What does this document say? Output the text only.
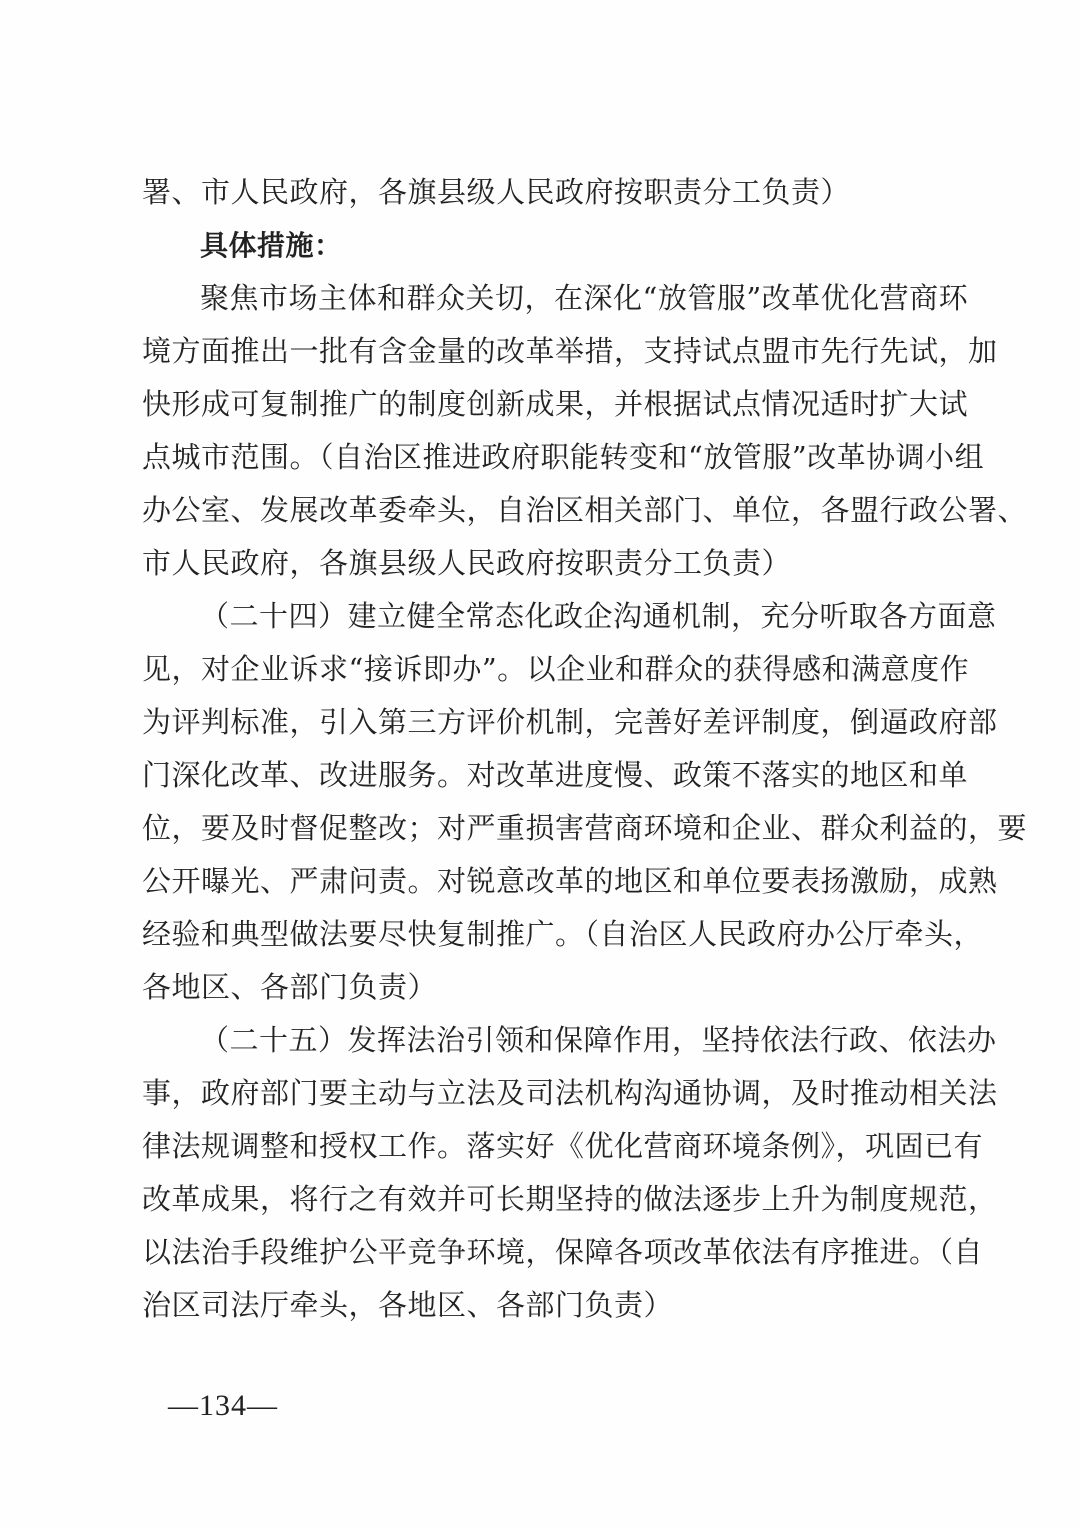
署、市人民政府，各旗县级人民政府按职责分工负责）
具体措施：
聚焦市场主体和群众关切，在深化“放管服”改革优化营商环
境方面推出一批有含金量的改革举措，支持试点盟市先行先试，加
快形成可复制推广的制度创新成果，并根据试点情况适时扩大试
点城市范围。（自治区推进政府职能转变和“放管服”改革协调小组
办公室、发展改革委牵头，自治区相关部门、单位，各盟行政公署、
市人民政府，各旗县级人民政府按职责分工负责）
（二十四）建立健全常态化政企沟通机制，充分听取各方面意
见，对企业诉求“接诉即办”。以企业和群众的获得感和满意度作
为评判标准，引入第三方评价机制，完善好差评制度，倒逼政府部
门深化改革、改进服务。对改革进度慢、政策不落实的地区和单
位，要及时督促整改；对严重损害营商环境和企业、群众利益的，要
公开曝光、严肃问责。对锐意改革的地区和单位要表扬激励，成熟
经验和典型做法要尽快复制推广。（自治区人民政府办公厅牵头，
各地区、各部门负责）
（二十五）发挥法治引领和保障作用，坚持依法行政、依法办
事，政府部门要主动与立法及司法机构沟通协调，及时推动相关法
律法规调整和授权工作。落实好《优化营商环境条例》，巩固已有
改革成果，将行之有效并可长期坚持的做法逐步上升为制度规范，
以法治手段维护公平竞争环境，保障各项改革依法有序推进。（自
治区司法厅牵头，各地区、各部门负责）
—134—
